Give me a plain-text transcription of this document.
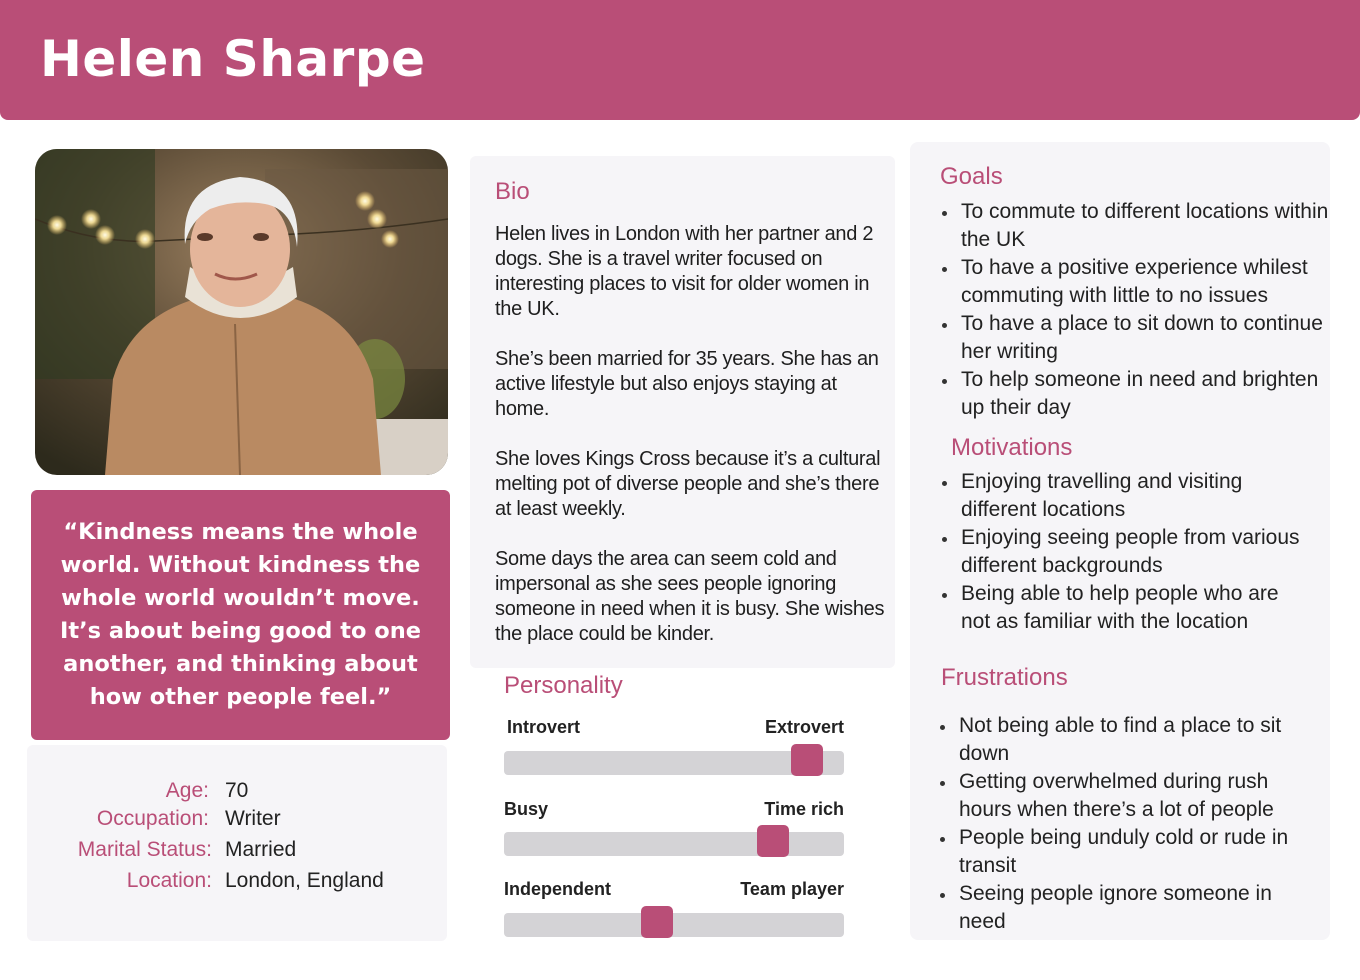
Helen Sharpe

“Kindness means the whole world. Without kindness the whole world wouldn’t move. It’s about being good to one another, and thinking about how other people feel.”

Age: 70
Occupation: Writer
Marital Status: Married
Location: London, England
Bio

Helen lives in London with her partner and 2 dogs. She is a travel writer focused on interesting places to visit for older women in the UK.

She’s been married for 35 years. She has an active lifestyle but also enjoys staying at home.

She loves Kings Cross because it’s a cultural melting pot of diverse people and she’s there at least weekly.

Some days the area can seem cold and impersonal as she sees people ignoring someone in need when it is busy. She wishes the place could be kinder.

Personality
Introvert	Extrovert
Busy	Time rich
Independent	Team player
Goals
To commute to different locations within the UK
To have a positive experience whilest commuting with little to no issues
To have a place to sit down to continue her writing
To help someone in need and brighten up their day
Motivations
Enjoying travelling and visiting different locations
Enjoying seeing people from various different backgrounds
Being able to help people who are not as familiar with the location
Frustrations
Not being able to find a place to sit down
Getting overwhelmed during rush hours when there’s a lot of people
People being unduly cold or rude in transit
Seeing people ignore someone in need
